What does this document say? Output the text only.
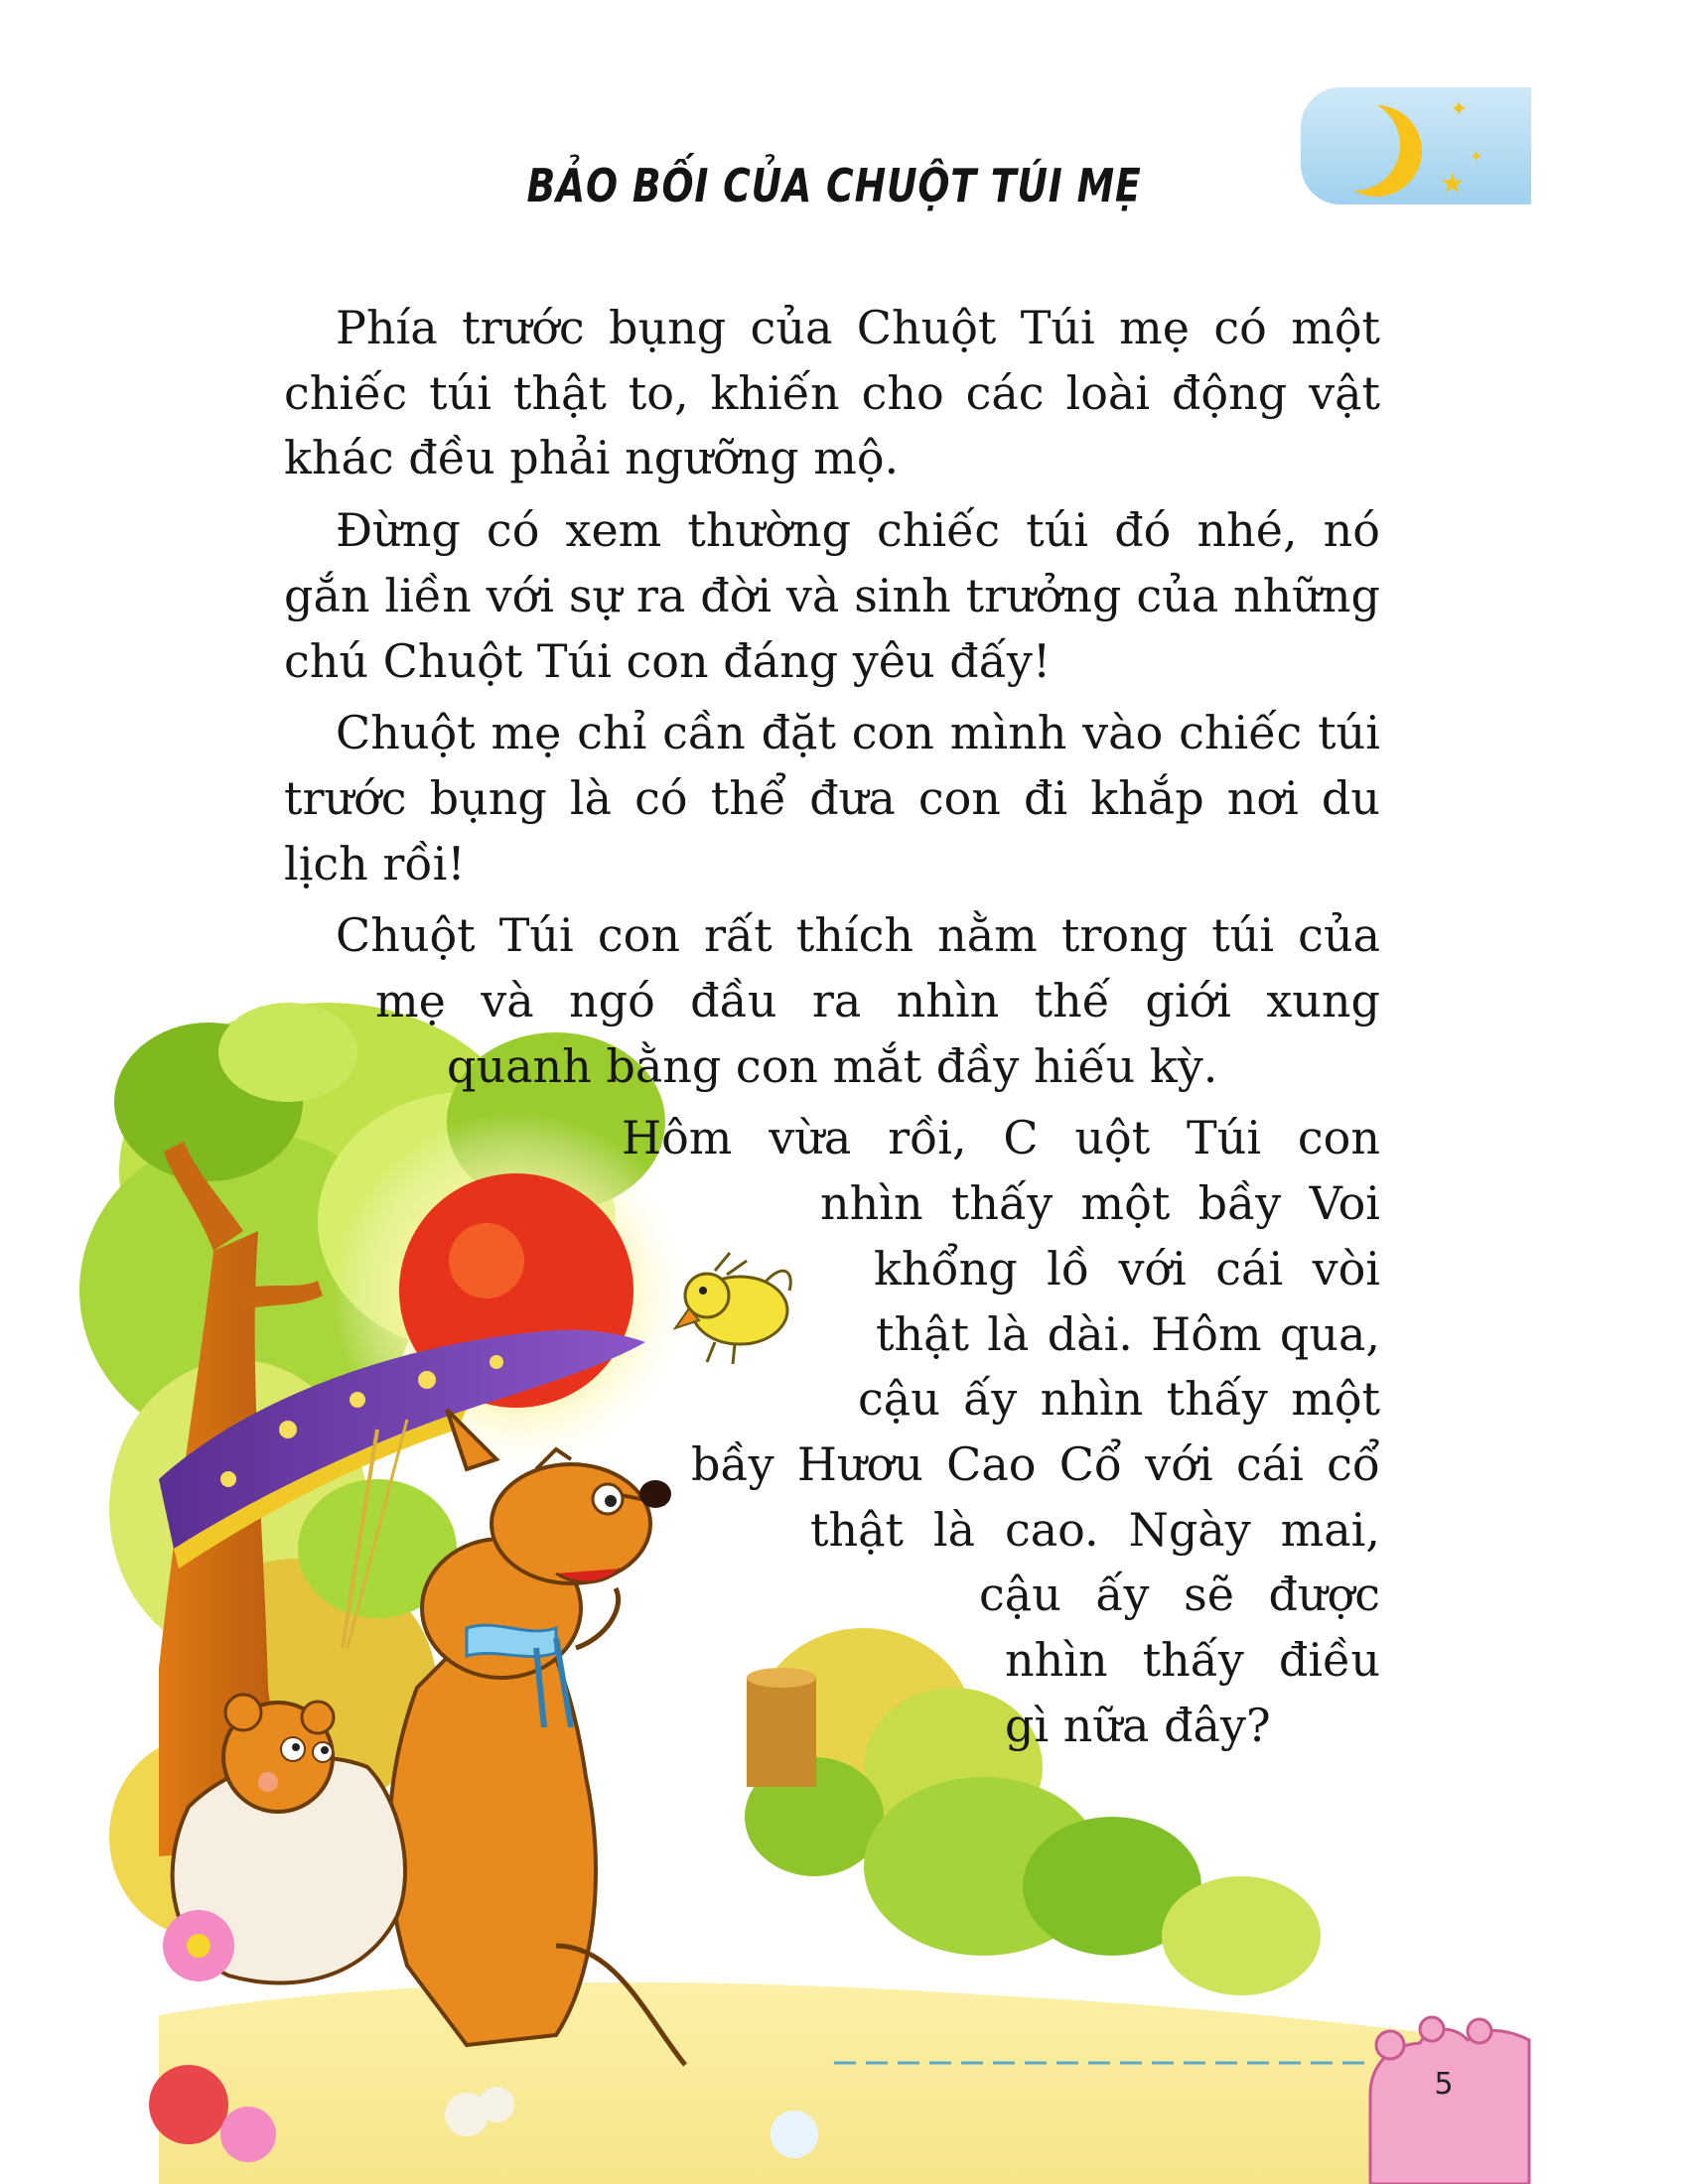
✦
✦
★
BẢO BỐI CỦA CHUỘT TÚI MẸ

Phía trước bụng của Chuột Túi mẹ có một chiếc túi thật to, khiến cho các loài động vật khác đều phải ngưỡng mộ.

Đừng có xem thường chiếc túi đó nhé, nó gắn liền với sự ra đời và sinh trưởng của những chú Chuột Túi con đáng yêu đấy!

Chuột mẹ chỉ cần đặt con mình vào chiếc túi trước bụng là có thể đưa con đi khắp nơi du lịch rồi!

Chuột Túi con rất thích nằm trong túi của
mẹ và ngó đầu ra nhìn thế giới xung
quanh bằng con mắt đầy hiếu kỳ.

Hôm vừa rồi, C uột Túi con
nhìn thấy một bầy Voi
khổng lồ với cái vòi
thật là dài. Hôm qua,
cậu ấy nhìn thấy một
bầy Hươu Cao Cổ với cái cổ
thật là cao. Ngày mai,
cậu ấy sẽ được
nhìn thấy điều
gì nữa đây?

5
